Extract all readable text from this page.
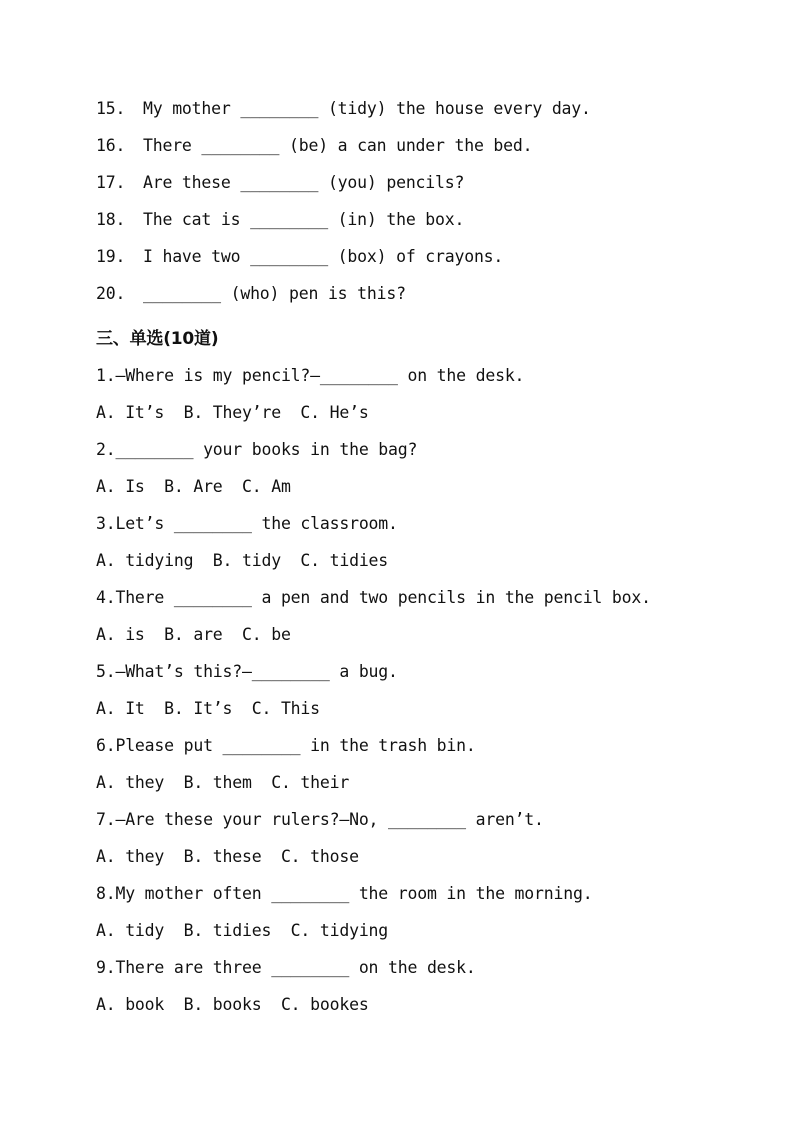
15. My mother ________ (tidy) the house every day.
16. There ________ (be) a can under the bed.
17. Are these ________ (you) pencils?
18. The cat is ________ (in) the box.
19. I have two ________ (box) of crayons.
20. ________ (who) pen is this?
三、单选(10道)
1.—Where is my pencil?—________ on the desk.
A. It’s  B. They’re  C. He’s
2.________ your books in the bag?
A. Is  B. Are  C. Am
3.Let’s ________ the classroom.
A. tidying  B. tidy  C. tidies
4.There ________ a pen and two pencils in the pencil box.
A. is  B. are  C. be
5.—What’s this?—________ a bug.
A. It  B. It’s  C. This
6.Please put ________ in the trash bin.
A. they  B. them  C. their
7.—Are these your rulers?—No, ________ aren’t.
A. they  B. these  C. those
8.My mother often ________ the room in the morning.
A. tidy  B. tidies  C. tidying
9.There are three ________ on the desk.
A. book  B. books  C. bookes
